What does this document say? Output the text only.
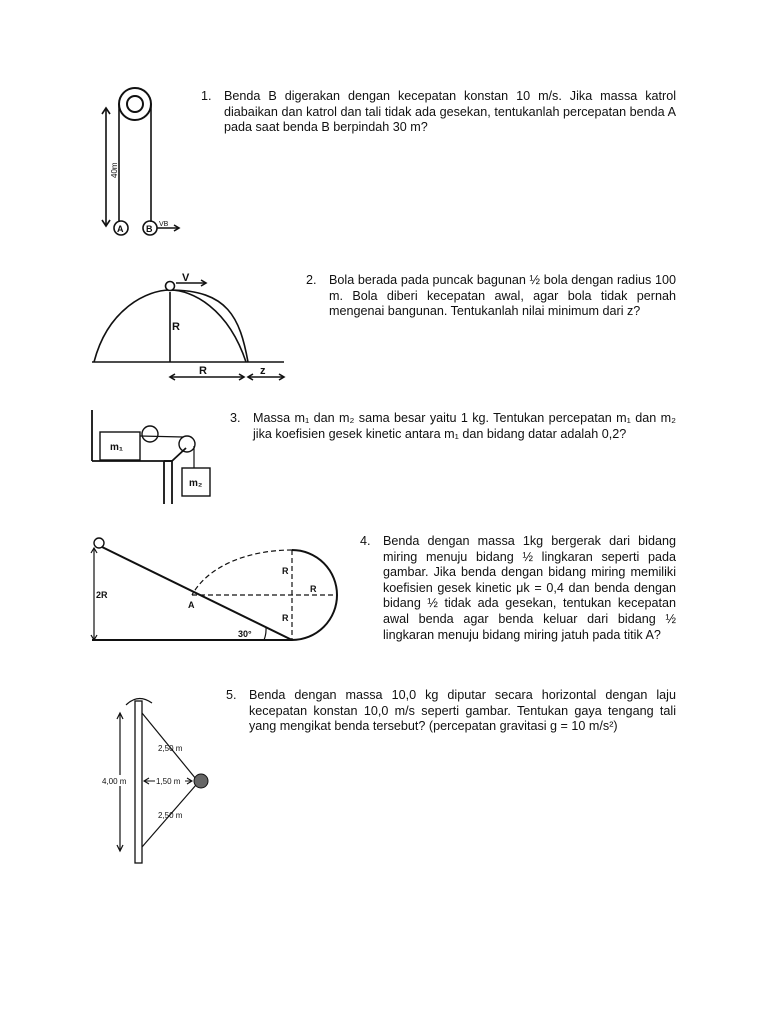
1. Benda B digerakan dengan kecepatan konstan 10 m/s. Jika massa katrol diabaikan dan katrol dan tali tidak ada gesekan, tentukanlah percepatan benda A pada saat benda B berpindah 30 m?
2. Bola berada pada puncak bagunan ½ bola dengan radius 100 m. Bola diberi kecepatan awal, agar bola tidak pernah mengenai bangunan. Tentukanlah nilai minimum dari z?
3. Massa m₁ dan m₂ sama besar yaitu 1 kg. Tentukan percepatan m₁ dan m₂ jika koefisien gesek kinetic antara m₁ dan bidang datar adalah 0,2?
4. Benda dengan massa 1kg bergerak dari bidang miring menuju bidang ½ lingkaran seperti pada gambar. Jika benda dengan bidang miring memiliki koefisien gesek kinetic μk = 0,4 dan benda dengan bidang ½ tidak ada gesekan, tentukan kecepatan awal benda agar benda keluar dari bidang ½ lingkaran menuju bidang miring jatuh pada titik A?
5. Benda dengan massa 10,0 kg diputar secara horizontal dengan laju kecepatan konstan 10,0 m/s seperti gambar. Tentukan gaya tengang tali yang mengikat benda tersebut? (percepatan gravitasi g = 10 m/s²)
40m
A	B VB
V
R
R	z
m₁
m₂
2R
A
30°
R
R
R
4,00 m	1,50 m
2,50 m
2,50 m
